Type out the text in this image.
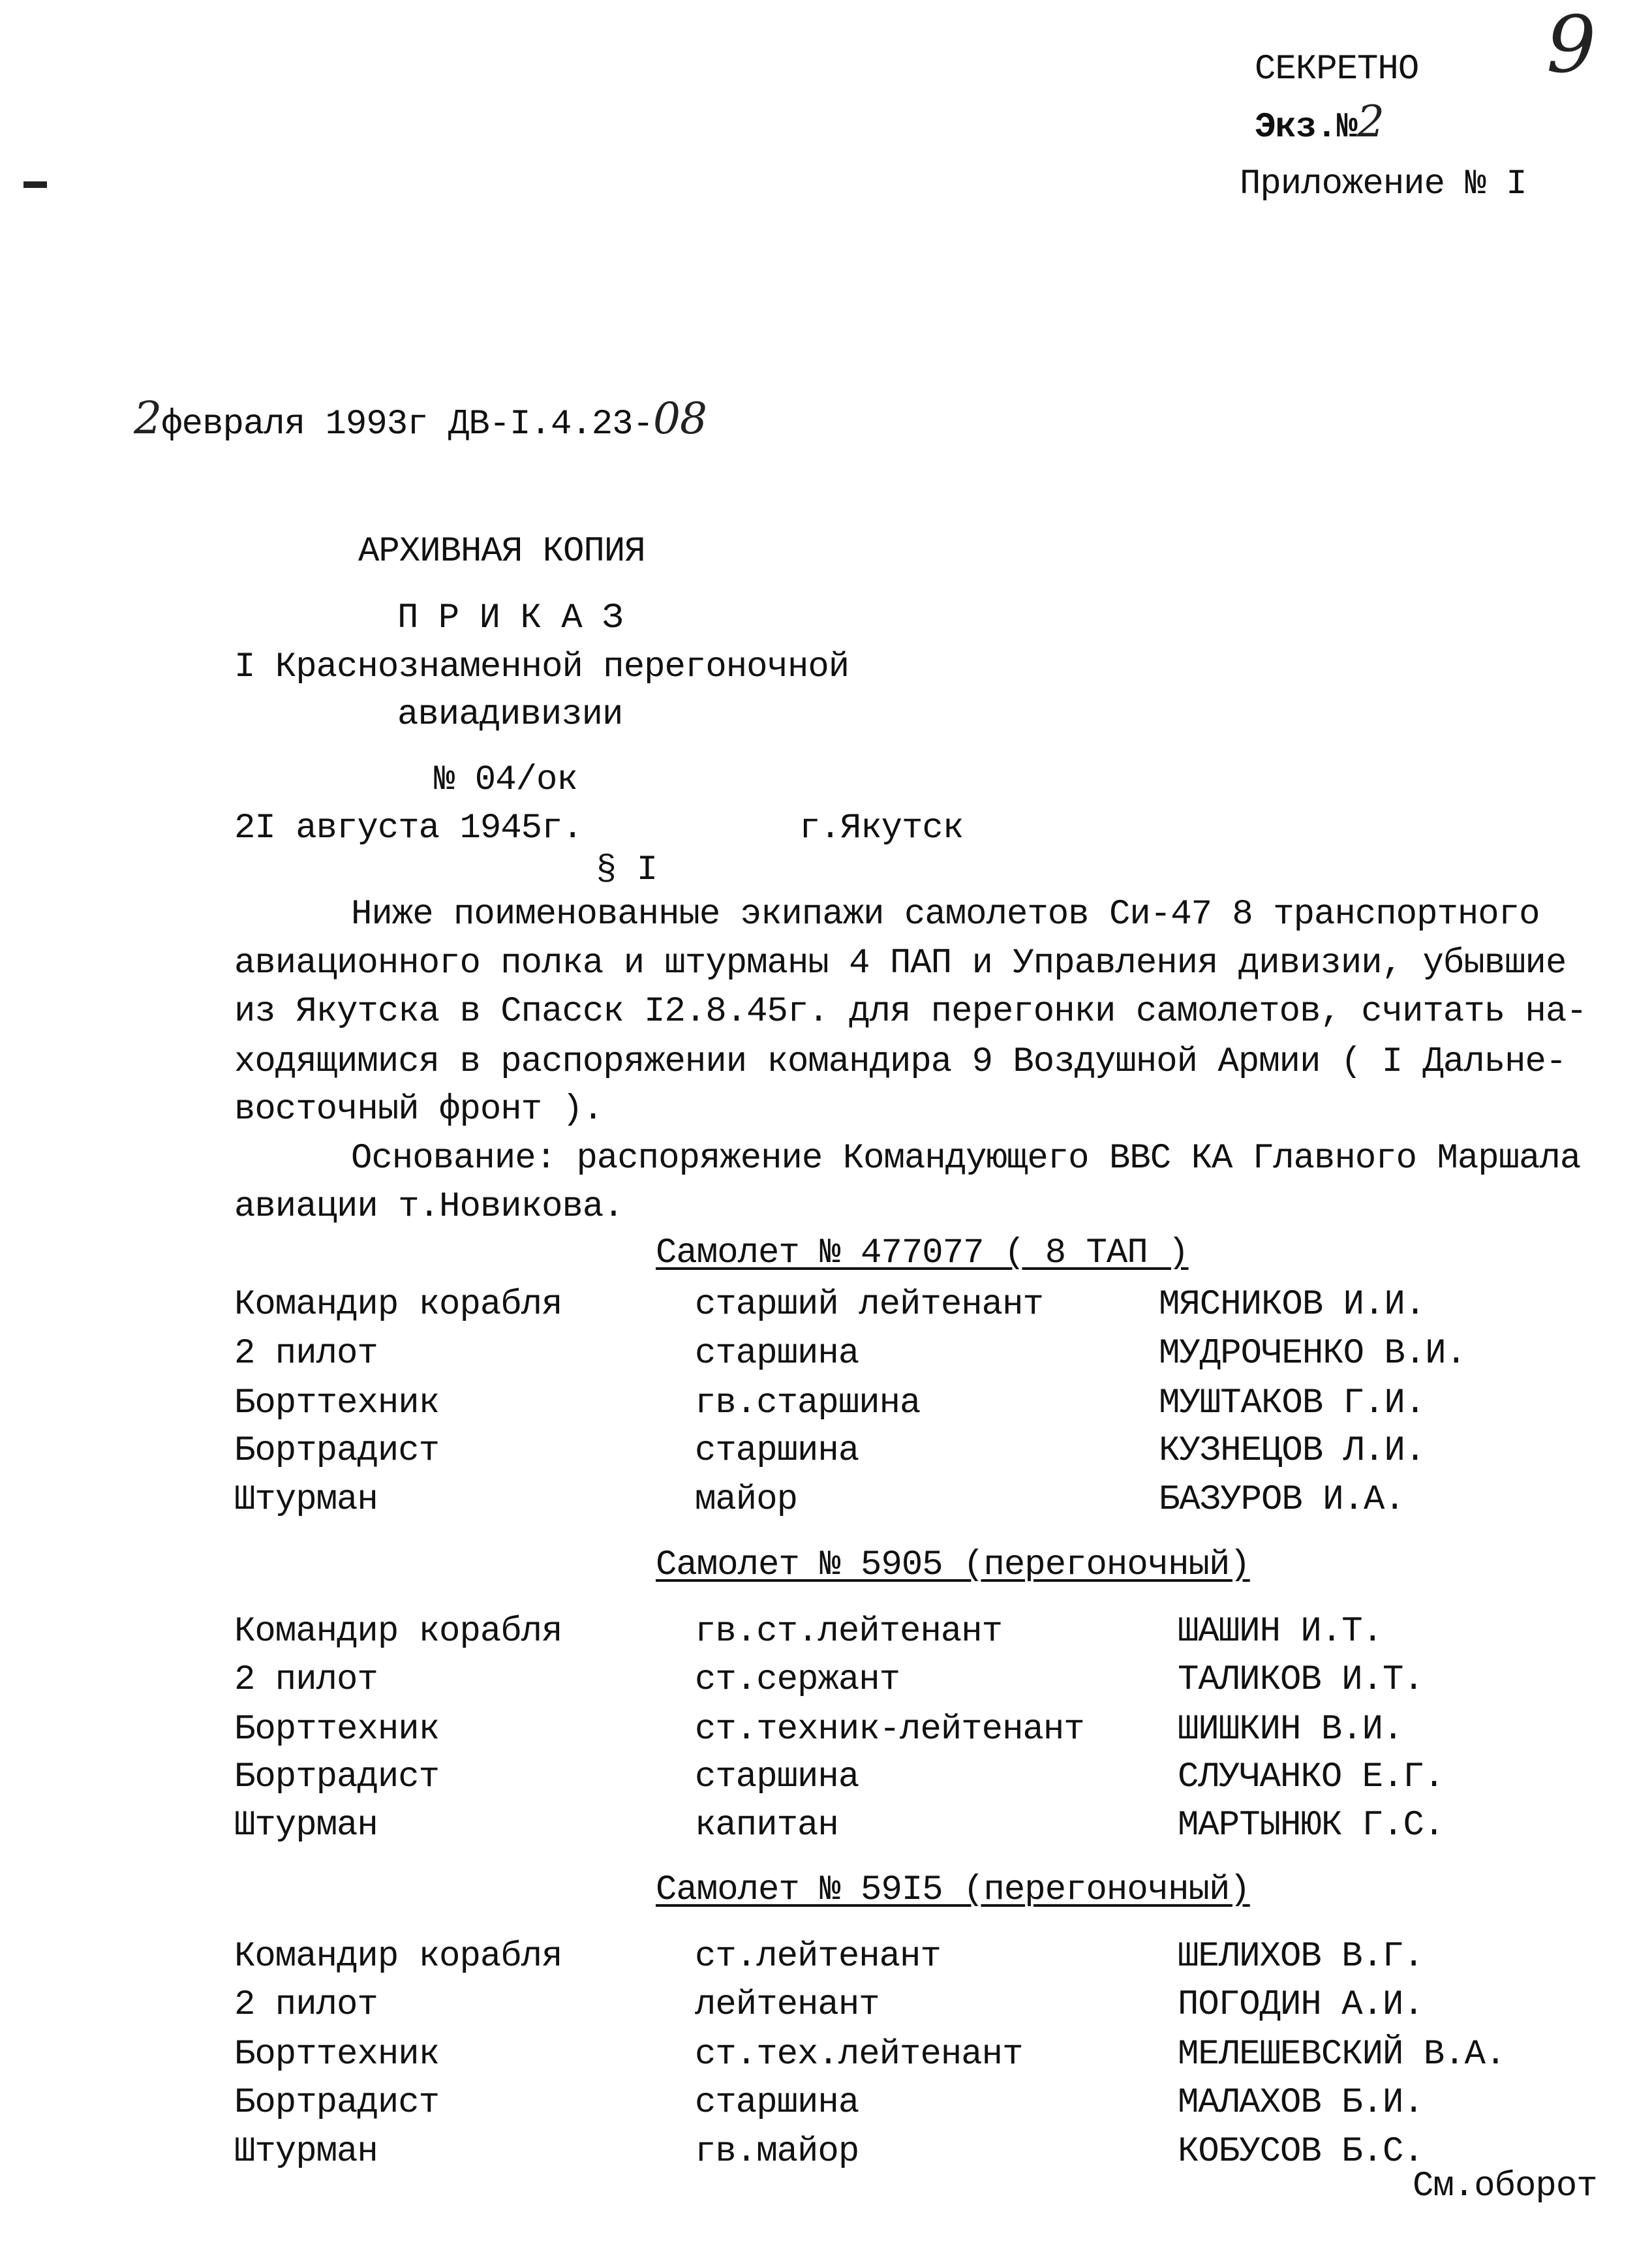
СЕКРЕТНО 9
Экз.№2
Приложение № I
2февраля 1993г ДВ-I.4.23-08
АРХИВНАЯ КОПИЯ
П Р И К А З
I Краснознаменной перегоночной
авиадивизии
№ 04/ок
2I августа 1945г.	г.Якутск
§ I
Ниже поименованные экипажи самолетов Си-47 8 транспортного
авиационного полка и штурманы 4 ПАП и Управления дивизии, убывшие
из Якутска в Спасск I2.8.45г. для перегонки самолетов, считать на-
ходящимися в распоряжении командира 9 Воздушной Армии ( I Дальне-
восточный фронт ).
Основание: распоряжение Командующего ВВС КА Главного Маршала
авиации т.Новикова.
Самолет № 477077 ( 8 ТАП )
Командир корабля	старший лейтенант	МЯСНИКОВ И.И.
2 пилот	старшина	МУДРОЧЕНКО В.И.
Борттехник	гв.старшина	МУШТАКОВ Г.И.
Бортрадист	старшина	КУЗНЕЦОВ Л.И.
Штурман	майор	БАЗУРОВ И.А.
Самолет № 5905 (перегоночный)
Командир корабля	гв.ст.лейтенант	ШАШИН И.Т.
2 пилот	ст.сержант	ТАЛИКОВ И.Т.
Борттехник	ст.техник-лейтенант	ШИШКИН В.И.
Бортрадист	старшина	СЛУЧАНКО Е.Г.
Штурман	капитан	МАРТЫНЮК Г.С.
Самолет № 59I5 (перегоночный)
Командир корабля	ст.лейтенант	ШЕЛИХОВ В.Г.
2 пилот	лейтенант	ПОГОДИН А.И.
Борттехник	ст.тех.лейтенант	МЕЛЕШЕВСКИЙ В.А.
Бортрадист	старшина	МАЛАХОВ Б.И.
Штурман	гв.майор	КОБУСОВ Б.С.
См.оборот
